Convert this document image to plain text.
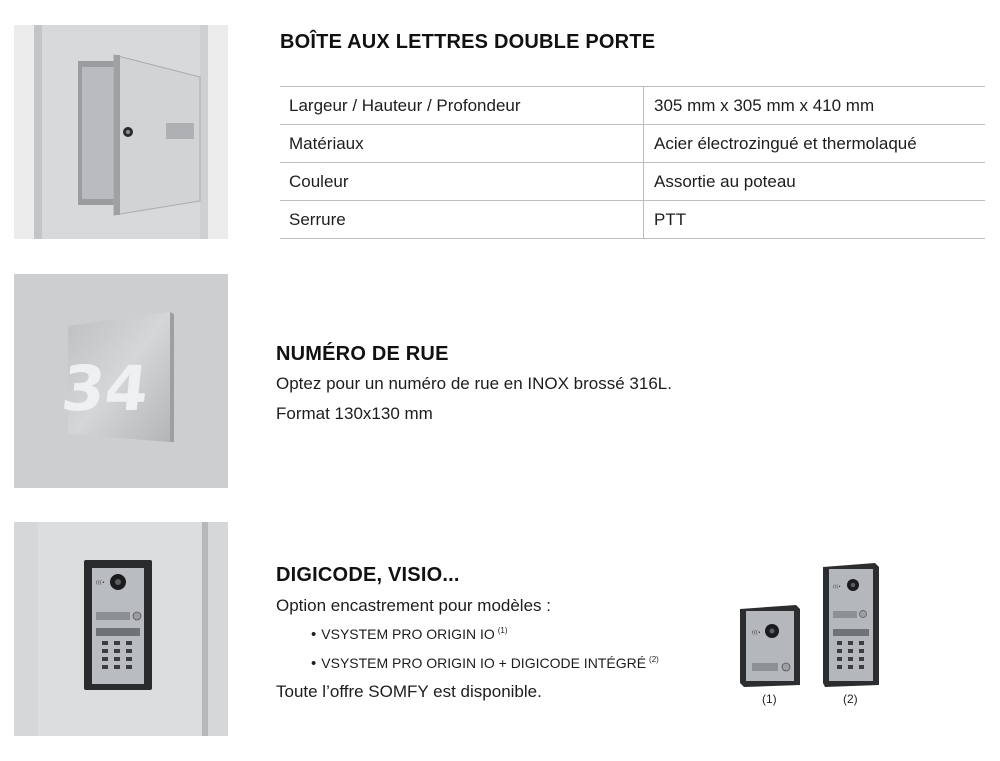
BOÎTE AUX LETTRES DOUBLE PORTE
Largeur / Hauteur / Profondeur	305 mm x 305 mm x 410 mm
Matériaux	Acier électrozingué et thermolaqué
Couleur	Assortie au poteau
Serrure	PTT
34	NUMÉRO DE RUE

Optez pour un numéro de rue en INOX brossé 316L.

Format 130x130 mm

(((•	DIGICODE, VISIO...

Option encastrement pour modèles :

• VSYSTEM PRO ORIGIN IO $^{(1)}$
• VSYSTEM PRO ORIGIN IO + DIGICODE INTÉGRÉ $^{(2)}$

Toute l’offre SOMFY est disponible.

(((•
(((•
(1)	(2)
